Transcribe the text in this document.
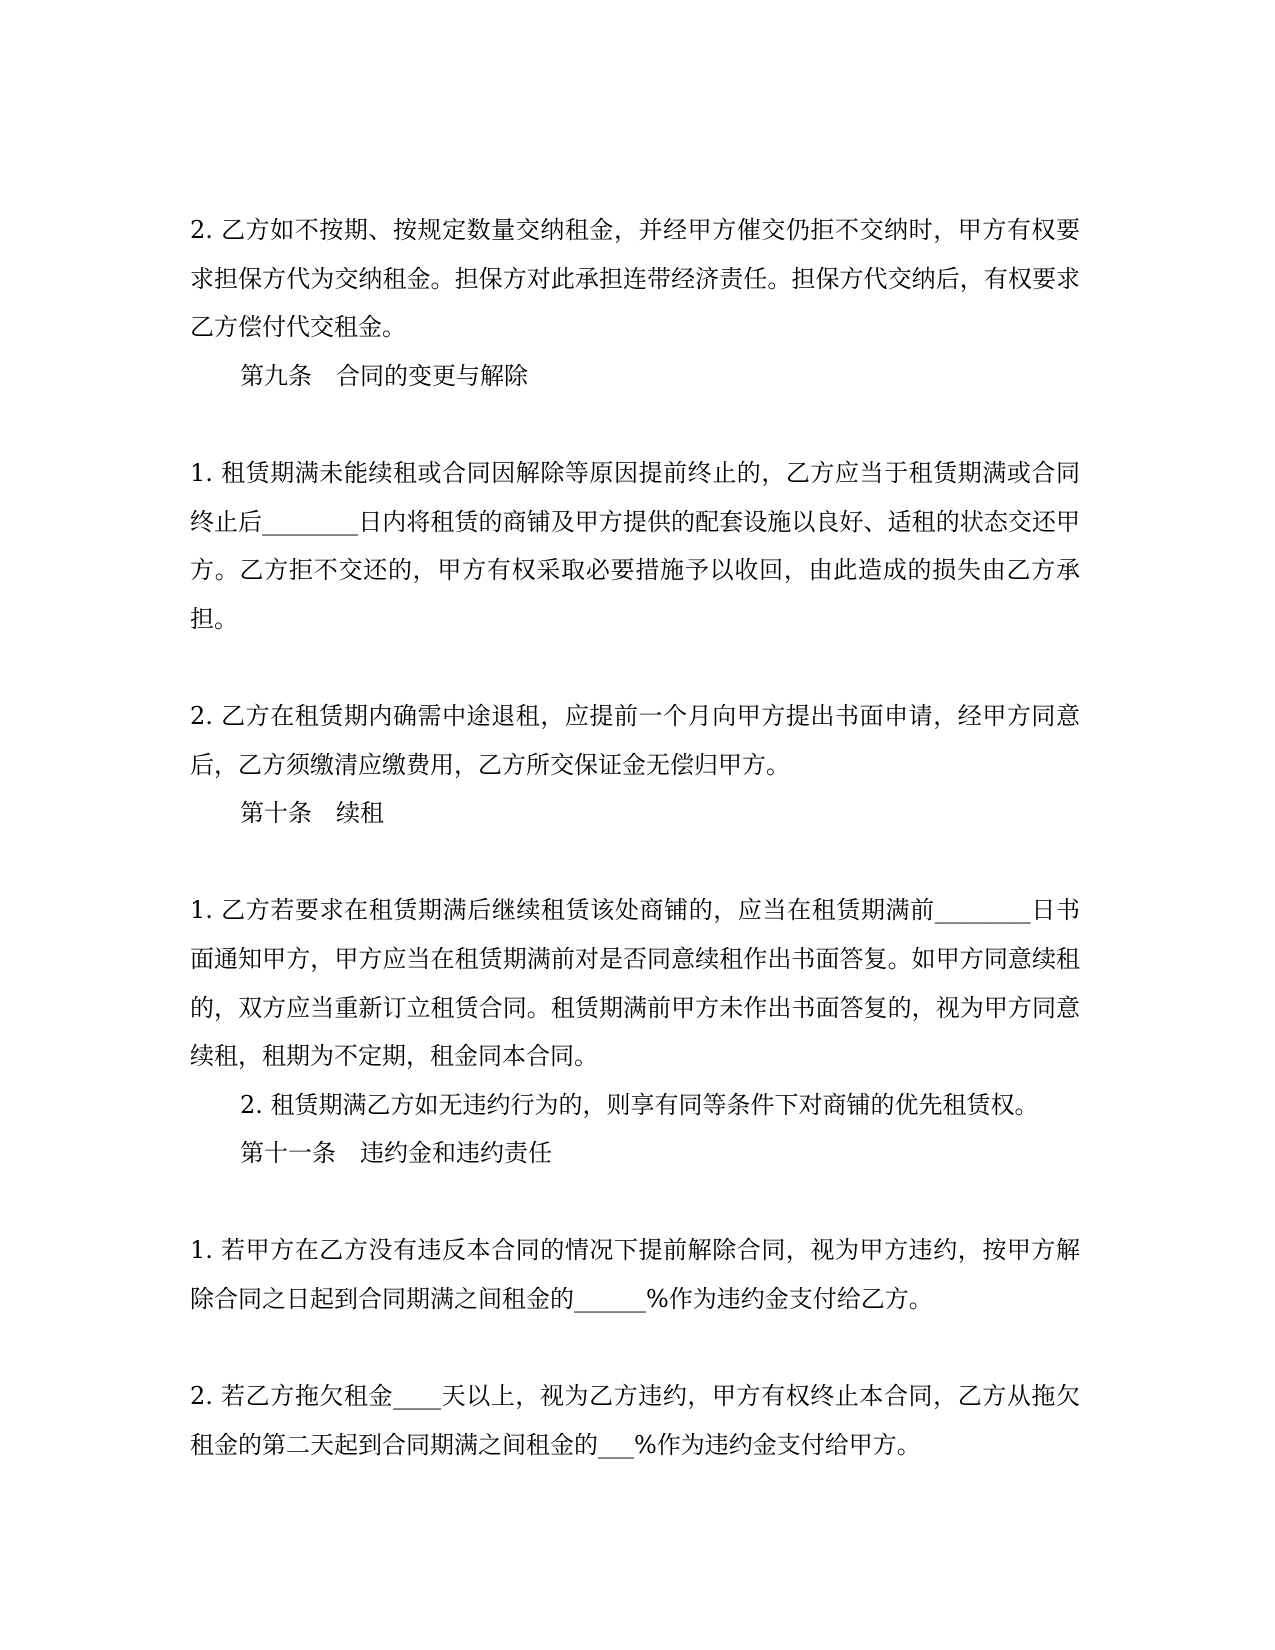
2. 乙方如不按期、按规定数量交纳租金，并经甲方催交仍拒不交纳时，甲方有权要求担保方代为交纳租金。担保方对此承担连带经济责任。担保方代交纳后，有权要求乙方偿付代交租金。

第九条　合同的变更与解除

1. 租赁期满未能续租或合同因解除等原因提前终止的，乙方应当于租赁期满或合同终止后________日内将租赁的商铺及甲方提供的配套设施以良好、适租的状态交还甲方。乙方拒不交还的，甲方有权采取必要措施予以收回，由此造成的损失由乙方承担。

2. 乙方在租赁期内确需中途退租，应提前一个月向甲方提出书面申请，经甲方同意后，乙方须缴清应缴费用，乙方所交保证金无偿归甲方。

第十条　续租

1. 乙方若要求在租赁期满后继续租赁该处商铺的，应当在租赁期满前________日书面通知甲方，甲方应当在租赁期满前对是否同意续租作出书面答复。如甲方同意续租的，双方应当重新订立租赁合同。租赁期满前甲方未作出书面答复的，视为甲方同意续租，租期为不定期，租金同本合同。

2. 租赁期满乙方如无违约行为的，则享有同等条件下对商铺的优先租赁权。

第十一条　违约金和违约责任

1. 若甲方在乙方没有违反本合同的情况下提前解除合同，视为甲方违约，按甲方解除合同之日起到合同期满之间租金的______%作为违约金支付给乙方。

2. 若乙方拖欠租金____天以上，视为乙方违约，甲方有权终止本合同，乙方从拖欠租金的第二天起到合同期满之间租金的___%作为违约金支付给甲方。
